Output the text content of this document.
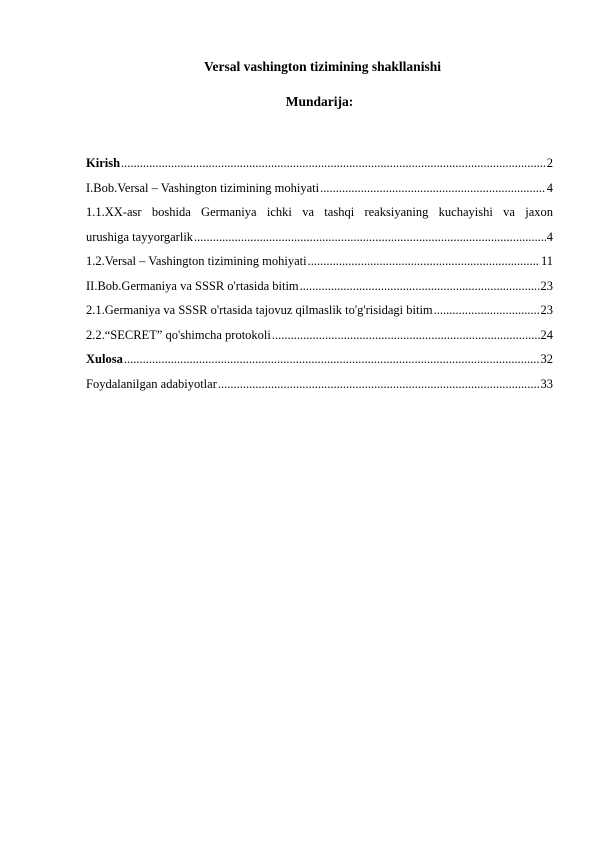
Versal vashington tizimining shakllanishi
Mundarija:
Kirish .....	2
I.Bob.Versal – Vashington tizimining mohiyati .....	4
1.1.XX-asr boshida Germaniya ichki va tashqi reaksiyaning kuchayishi va jaxon
urushiga tayyorgarlik .....	4
1.2.Versal – Vashington tizimining mohiyati .....	11
II.Bob.Germaniya va SSSR o'rtasida bitim .....	23
2.1.Germaniya va SSSR o'rtasida tajovuz qilmaslik to'g'risidagi bitim .....	23
2.2.“SECRET” qo'shimcha protokoli .....	24
Xulosa .....	32
Foydalanilgan adabiyotlar .....	33
